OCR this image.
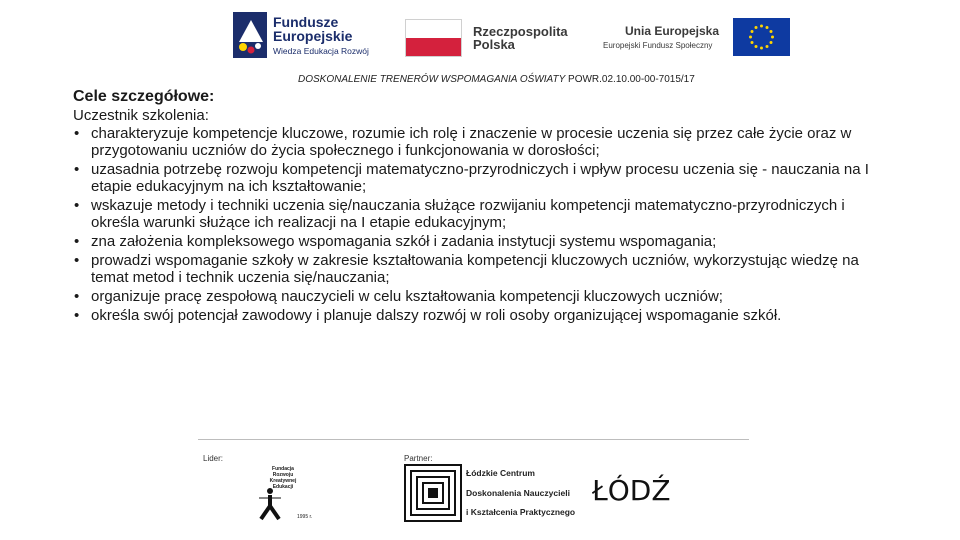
Fundusze
Europejskie
Wiedza Edukacja Rozwój
Rzeczpospolita
Polska
Unia Europejska
Europejski Fundusz Społeczny
DOSKONALENIE TRENERÓW WSPOMAGANIA OŚWIATY POWR.02.10.00-00-7015/17
Cele szczegółowe:
Uczestnik szkolenia:
• charakteryzuje kompetencje kluczowe, rozumie ich rolę i znaczenie w procesie uczenia się przez całe życie oraz w przygotowaniu uczniów do życia społecznego i funkcjonowania w dorosłości;
• uzasadnia potrzebę rozwoju kompetencji matematyczno-przyrodniczych i wpływ procesu uczenia się - nauczania na I etapie edukacyjnym na ich kształtowanie;
• wskazuje metody i techniki uczenia się/nauczania służące rozwijaniu kompetencji matematyczno-przyrodniczych i określa warunki służące ich realizacji na I etapie edukacyjnym;
• zna założenia kompleksowego wspomagania szkół i zadania instytucji systemu wspomagania;
• prowadzi wspomaganie szkoły w zakresie kształtowania kompetencji kluczowych uczniów, wykorzystując wiedzę na temat metod i technik uczenia się/nauczania;
• organizuje pracę zespołową nauczycieli w celu kształtowania kompetencji kluczowych uczniów;
• określa swój potencjał zawodowy i planuje dalszy rozwój w roli osoby organizującej wspomaganie szkół.
Lider:	Partner:
Fundacja Rozwoju Kreatywnej Edukacji
1995 r.
Łódzkie Centrum
Doskonalenia Nauczycieli
i Kształcenia Praktycznego
ŁÓDŹ
